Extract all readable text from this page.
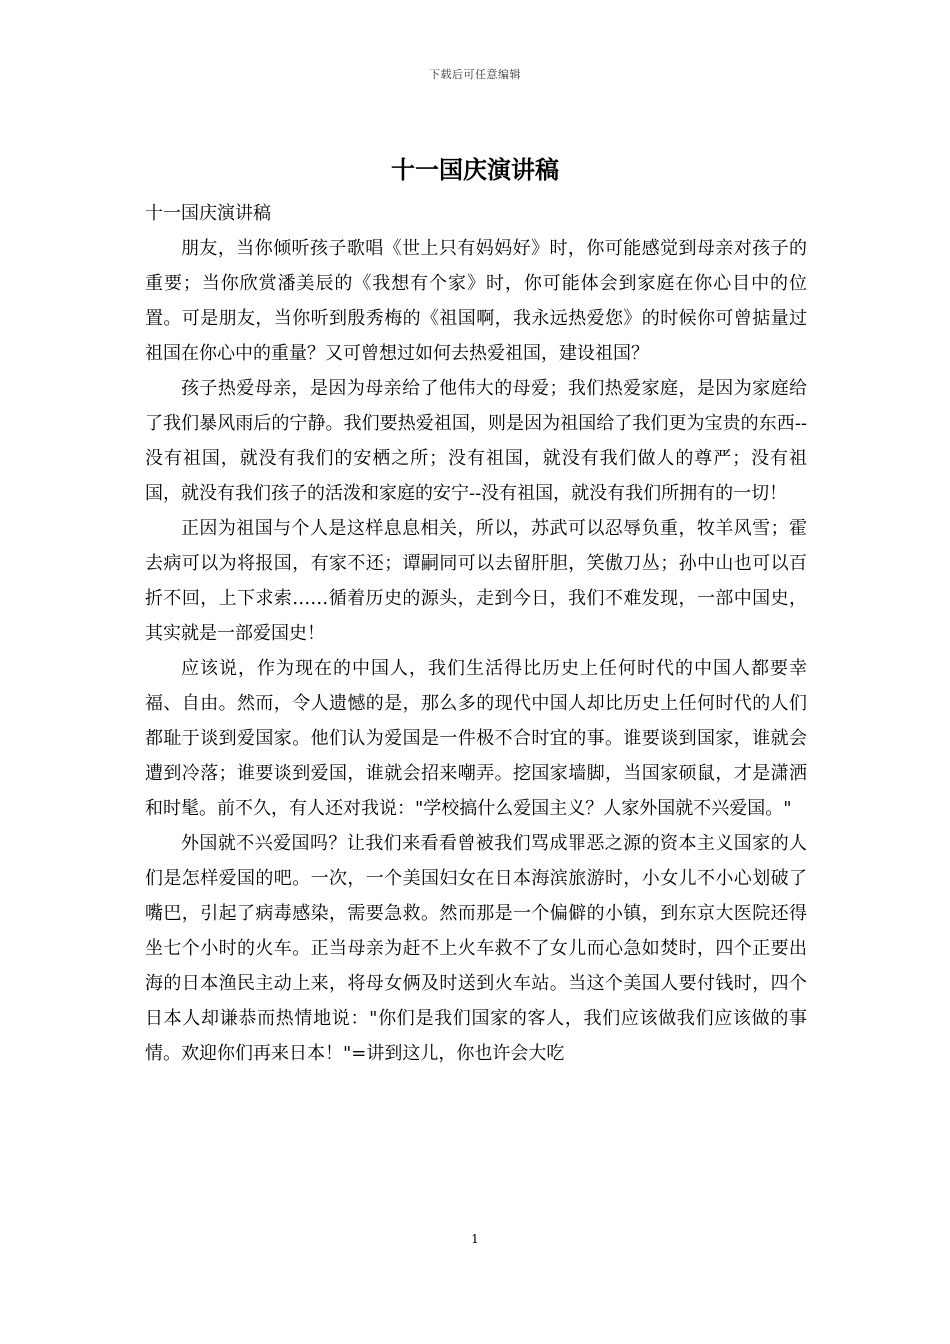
下载后可任意编辑
十一国庆演讲稿

十一国庆演讲稿

朋友，当你倾听孩子歌唱《世上只有妈妈好》时，你可能感觉到母亲对孩子的重要；当你欣赏潘美辰的《我想有个家》时，你可能体会到家庭在你心目中的位置。可是朋友，当你听到殷秀梅的《祖国啊，我永远热爱您》的时候你可曾掂量过祖国在你心中的重量？又可曾想过如何去热爱祖国，建设祖国？

孩子热爱母亲，是因为母亲给了他伟大的母爱；我们热爱家庭，是因为家庭给了我们暴风雨后的宁静。我们要热爱祖国，则是因为祖国给了我们更为宝贵的东西--没有祖国，就没有我们的安栖之所；没有祖国，就没有我们做人的尊严；没有祖国，就没有我们孩子的活泼和家庭的安宁--没有祖国，就没有我们所拥有的一切！

正因为祖国与个人是这样息息相关，所以，苏武可以忍辱负重，牧羊风雪；霍去病可以为将报国，有家不还；谭嗣同可以去留肝胆，笑傲刀丛；孙中山也可以百折不回，上下求索……循着历史的源头，走到今日，我们不难发现，一部中国史，其实就是一部爱国史！

应该说，作为现在的中国人，我们生活得比历史上任何时代的中国人都要幸福、自由。然而，令人遗憾的是，那么多的现代中国人却比历史上任何时代的人们都耻于谈到爱国家。他们认为爱国是一件极不合时宜的事。谁要谈到国家，谁就会遭到冷落；谁要谈到爱国，谁就会招来嘲弄。挖国家墙脚，当国家硕鼠，才是潇洒和时髦。前不久，有人还对我说："学校搞什么爱国主义？人家外国就不兴爱国。"

外国就不兴爱国吗？让我们来看看曾被我们骂成罪恶之源的资本主义国家的人们是怎样爱国的吧。一次，一个美国妇女在日本海滨旅游时，小女儿不小心划破了嘴巴，引起了病毒感染，需要急救。然而那是一个偏僻的小镇，到东京大医院还得坐七个小时的火车。正当母亲为赶不上火车救不了女儿而心急如焚时，四个正要出海的日本渔民主动上来，将母女俩及时送到火车站。当这个美国人要付钱时，四个日本人却谦恭而热情地说："你们是我们国家的客人，我们应该做我们应该做的事情。欢迎你们再来日本！"=讲到这儿，你也许会大吃

1
